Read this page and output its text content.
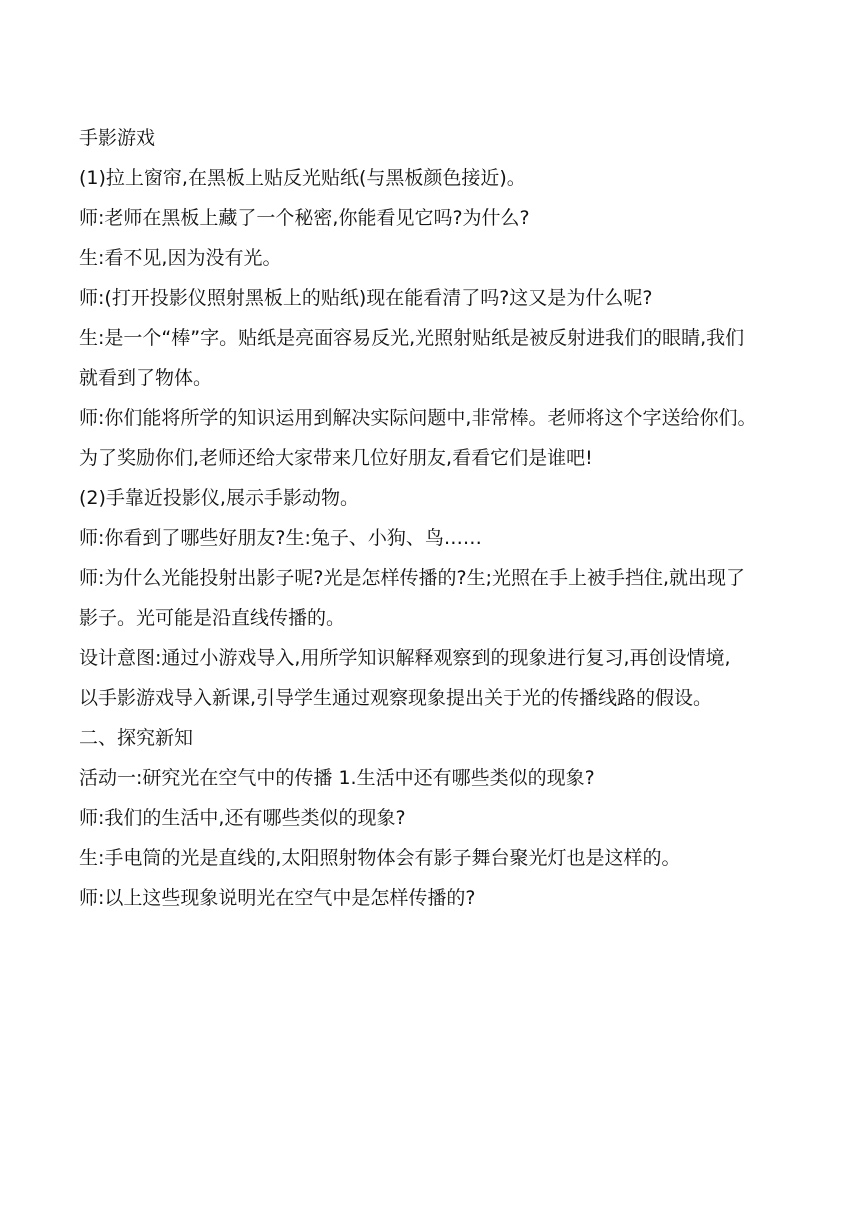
手影游戏

(1)拉上窗帘,在黑板上贴反光贴纸(与黑板颜色接近)。

师:老师在黑板上藏了一个秘密,你能看见它吗?为什么?

生:看不见,因为没有光。

师:(打开投影仪照射黑板上的贴纸)现在能看清了吗?这又是为什么呢?

生:是一个“棒”字。贴纸是亮面容易反光,光照射贴纸是被反射进我们的眼睛,我们

就看到了物体。

师:你们能将所学的知识运用到解决实际问题中,非常棒。老师将这个字送给你们。

为了奖励你们,老师还给大家带来几位好朋友,看看它们是谁吧!

(2)手靠近投影仪,展示手影动物。

师:你看到了哪些好朋友?生:兔子、小狗、鸟……

师:为什么光能投射出影子呢?光是怎样传播的?生;光照在手上被手挡住,就出现了

影子。光可能是沿直线传播的。

设计意图:通过小游戏导入,用所学知识解释观察到的现象进行复习,再创设情境,

以手影游戏导入新课,引导学生通过观察现象提出关于光的传播线路的假设。

二、探究新知

活动一:研究光在空气中的传播 1.生活中还有哪些类似的现象?

师:我们的生活中,还有哪些类似的现象?

生:手电筒的光是直线的,太阳照射物体会有影子舞台聚光灯也是这样的。

师:以上这些现象说明光在空气中是怎样传播的?
